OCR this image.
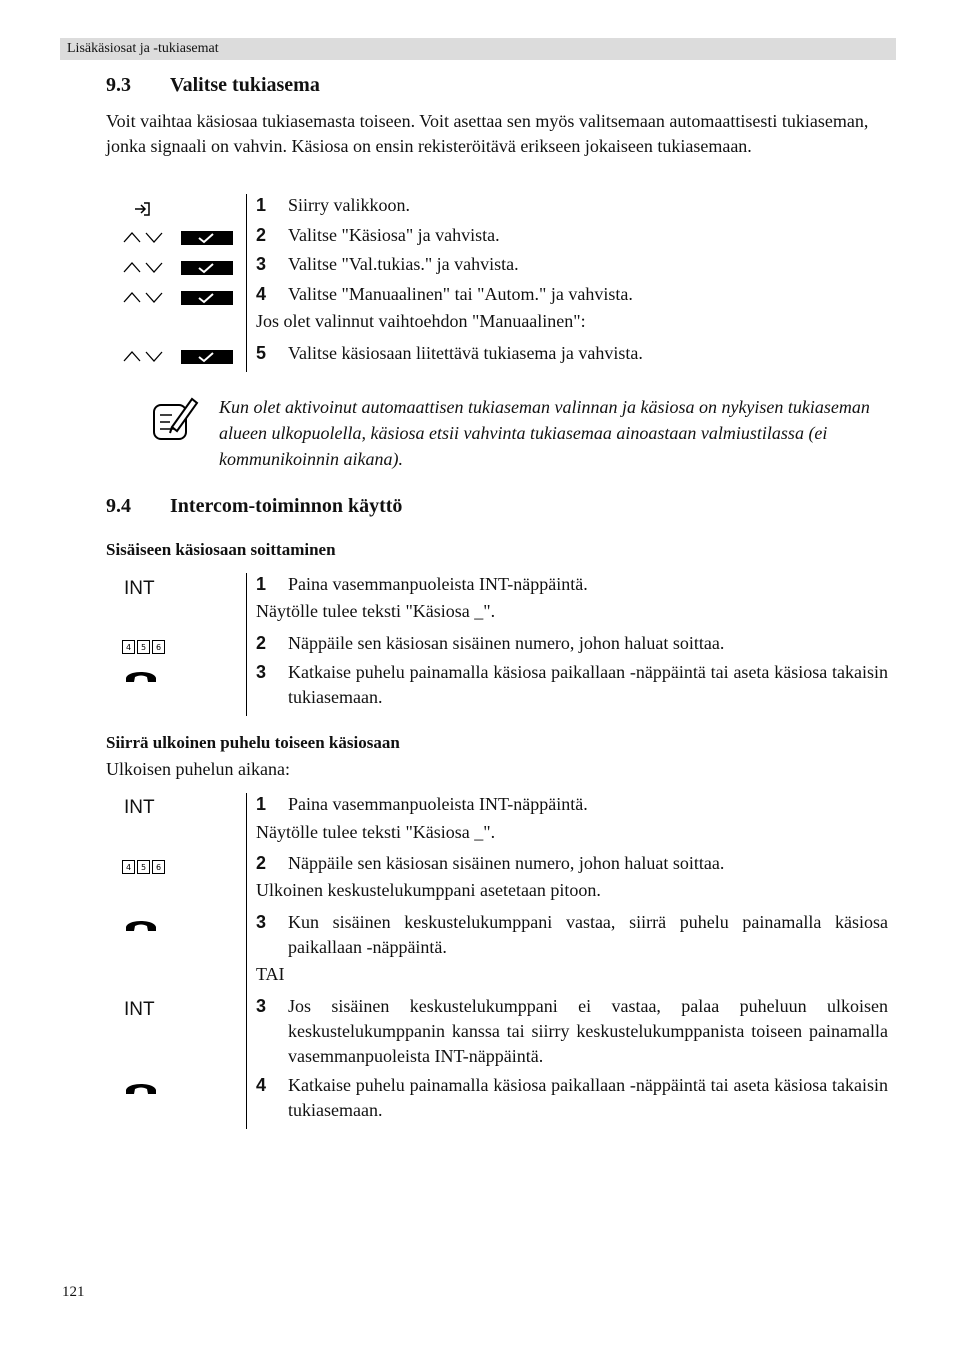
Lisäkäsiosat ja -tukiasemat
9.3 Valitse tukiasema
Voit vaihtaa käsiosaa tukiasemasta toiseen. Voit asettaa sen myös valitsemaan automaattisesti tukiaseman, jonka signaali on vahvin. Käsiosa on ensin rekisteröitävä erikseen jokaiseen tukiasemaan.
1 Siirry valikkoon.
2 Valitse "Käsiosa" ja vahvista.
3 Valitse "Val.tukias." ja vahvista.
4 Valitse "Manuaalinen" tai "Autom." ja vahvista.
Jos olet valinnut vaihtoehdon "Manuaalinen":
5 Valitse käsiosaan liitettävä tukiasema ja vahvista.
Kun olet aktivoinut automaattisen tukiaseman valinnan ja käsiosa on nykyisen tukiaseman alueen ulkopuolella, käsiosa etsii vahvinta tukiasemaa ainoastaan valmiustilassa (ei kommunikoinnin aikana).
9.4 Intercom-toiminnon käyttö
Sisäiseen käsiosaan soittaminen
INT
4 5 6
1 Paina vasemmanpuoleista INT-näppäintä.
Näytölle tulee teksti "Käsiosa _".
2 Näppäile sen käsiosan sisäinen numero, johon haluat soittaa.
3 Katkaise puhelu painamalla käsiosa paikallaan -näppäintä tai aseta käsiosa takaisin tukiasemaan.
Siirrä ulkoinen puhelu toiseen käsiosaan
Ulkoisen puhelun aikana:
INT
4 5 6
INT
1 Paina vasemmanpuoleista INT-näppäintä.
Näytölle tulee teksti "Käsiosa _".
2 Näppäile sen käsiosan sisäinen numero, johon haluat soittaa.
Ulkoinen keskustelukumppani asetetaan pitoon.
3 Kun sisäinen keskustelukumppani vastaa, siirrä puhelu painamalla käsiosa paikallaan -näppäintä.
TAI
3 Jos sisäinen keskustelukumppani ei vastaa, palaa puheluun ulkoisen keskustelukumppanin kanssa tai siirry keskustelukumppanista toiseen painamalla vasemmanpuoleista INT-näppäintä.
4 Katkaise puhelu painamalla käsiosa paikallaan -näppäintä tai aseta käsiosa takaisin tukiasemaan.
121
